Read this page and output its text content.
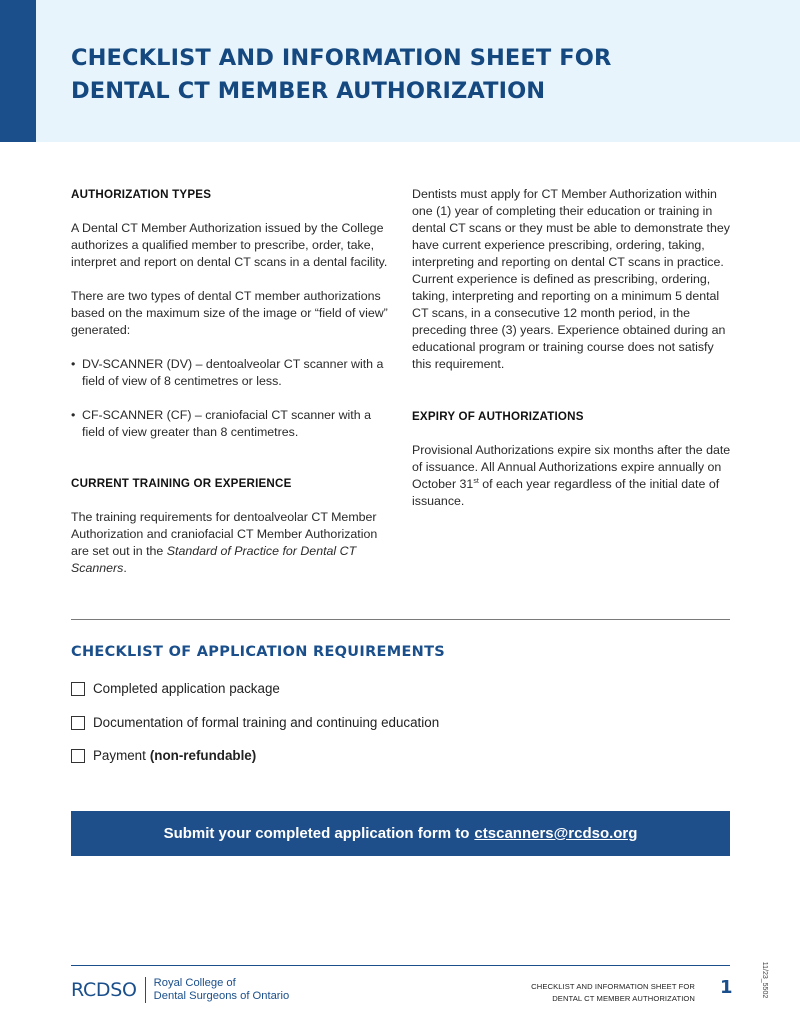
CHECKLIST AND INFORMATION SHEET FOR
DENTAL CT MEMBER AUTHORIZATION
AUTHORIZATION TYPES

A Dental CT Member Authorization issued by the College authorizes a qualified member to prescribe, order, take, interpret and report on dental CT scans in a dental facility.

There are two types of dental CT member authorizations based on the maximum size of the image or “field of view” generated:

• DV-SCANNER (DV) – dentoalveolar CT scanner with a field of view of 8 centimetres or less.
• CF-SCANNER (CF) – craniofacial CT scanner with a field of view greater than 8 centimetres.
CURRENT TRAINING OR EXPERIENCE

The training requirements for dentoalveolar CT Member Authorization and craniofacial CT Member Authorization are set out in the Standard of Practice for Dental CT Scanners.

Dentists must apply for CT Member Authorization within one (1) year of completing their education or training in dental CT scans or they must be able to demonstrate they have current experience prescribing, ordering, taking, interpreting and reporting on dental CT scans in practice. Current experience is defined as prescribing, ordering, taking, interpreting and reporting on a minimum 5 dental CT scans, in a consecutive 12 month period, in the preceding three (3) years. Experience obtained during an educational program or training course does not satisfy this requirement.

EXPIRY OF AUTHORIZATIONS

Provisional Authorizations expire six months after the date of issuance. All Annual Authorizations expire annually on October 31st of each year regardless of the initial date of issuance.

CHECKLIST OF APPLICATION REQUIREMENTS
Completed application package
Documentation of formal training and continuing education
Payment (non-refundable)
Submit your completed application form to ctscanners@rcdso.org
RCDSO	Royal College of
Dental Surgeons of Ontario
CHECKLIST AND INFORMATION SHEET FOR
DENTAL CT MEMBER AUTHORIZATION
1	11/23_5502
